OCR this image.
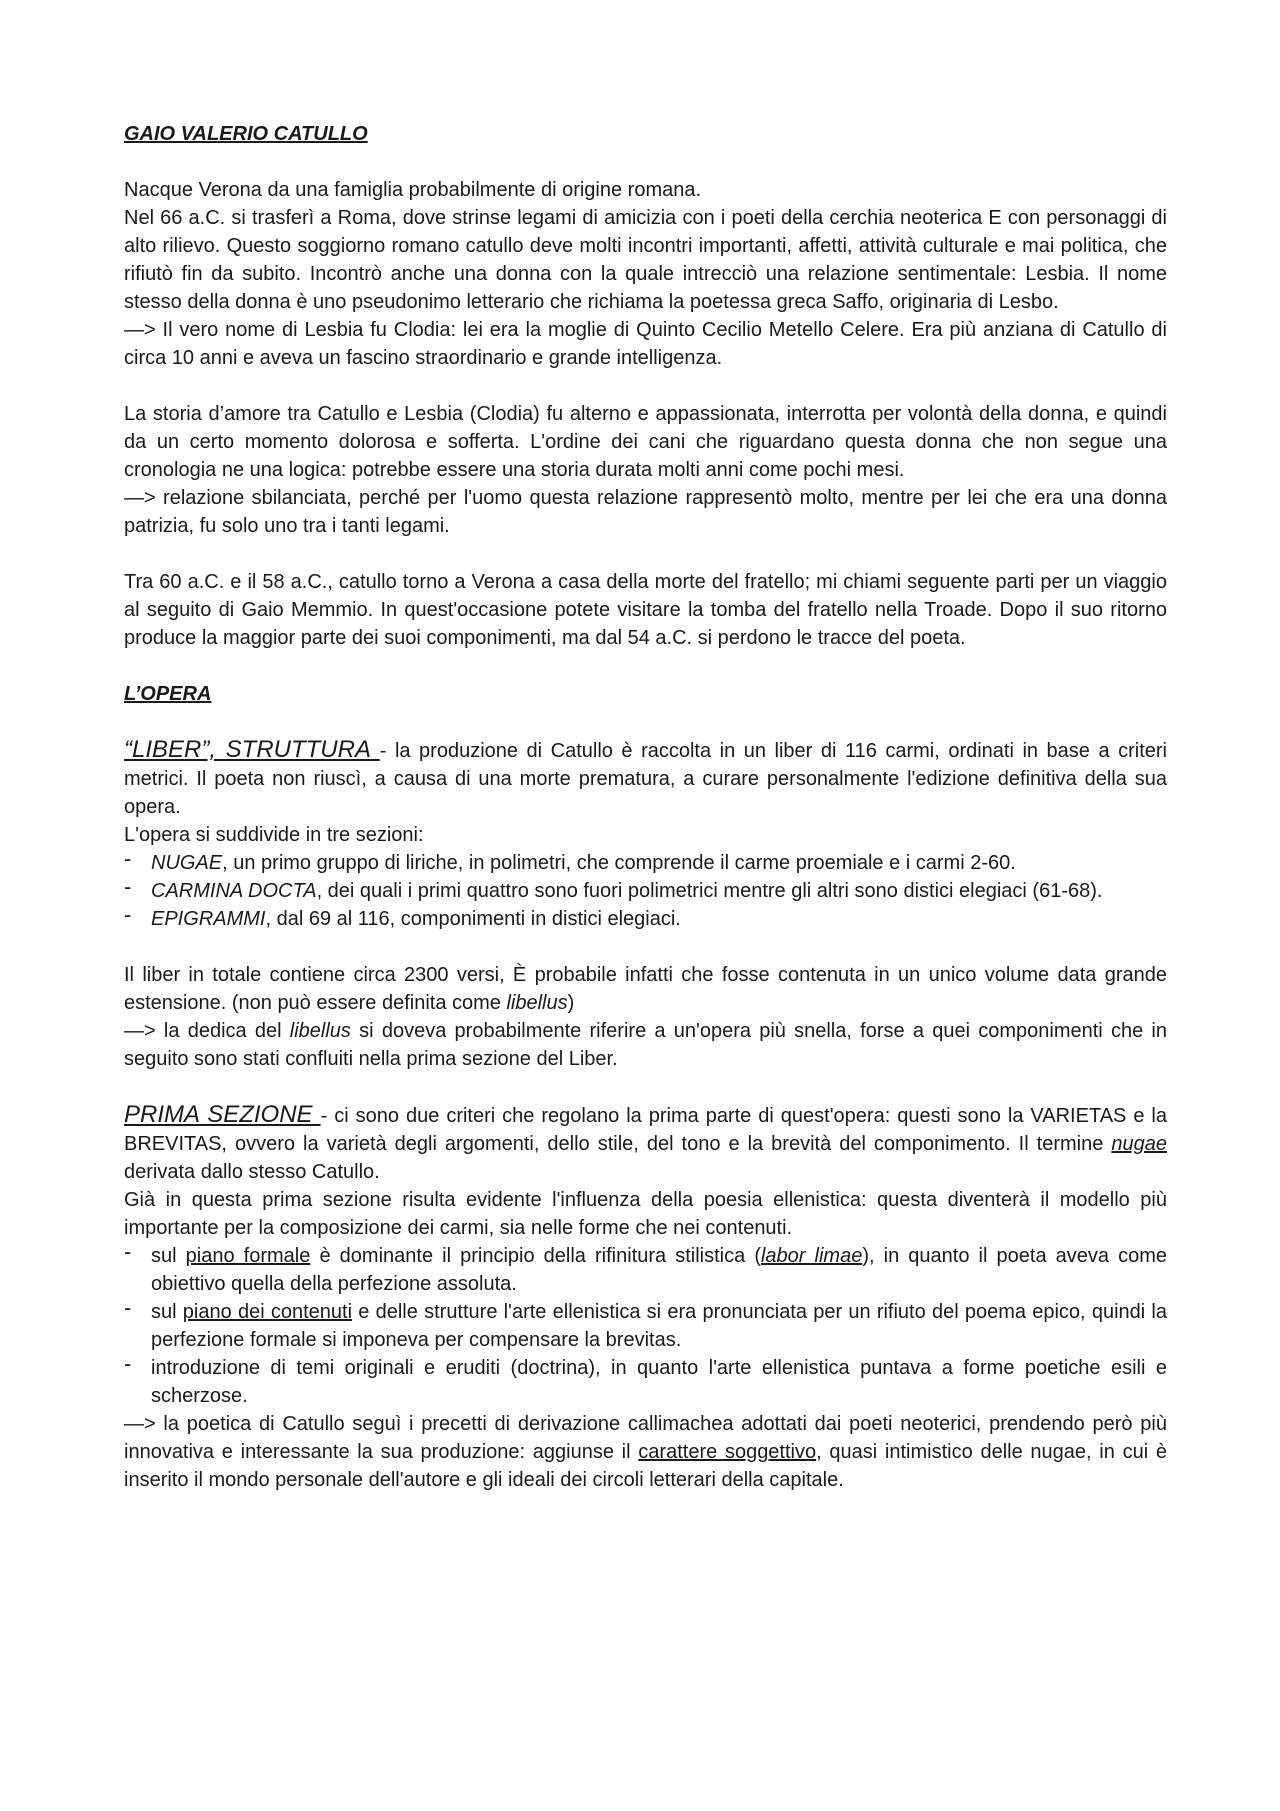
GAIO VALERIO CATULLO

Nacque Verona da una famiglia probabilmente di origine romana.

Nel 66 a.C. si trasferì a Roma, dove strinse legami di amicizia con i poeti della cerchia neoterica E con personaggi di alto rilievo. Questo soggiorno romano catullo deve molti incontri importanti, affetti, attività culturale e mai politica, che rifiutò fin da subito. Incontrò anche una donna con la quale intrecciò una relazione sentimentale: Lesbia. Il nome stesso della donna è uno pseudonimo letterario che richiama la poetessa greca Saffo, originaria di Lesbo.

—> Il vero nome di Lesbia fu Clodia: lei era la moglie di Quinto Cecilio Metello Celere. Era più anziana di Catullo di circa 10 anni e aveva un fascino straordinario e grande intelligenza.

La storia d’amore tra Catullo e Lesbia (Clodia) fu alterno e appassionata, interrotta per volontà della donna, e quindi da un certo momento dolorosa e sofferta. L'ordine dei cani che riguardano questa donna che non segue una cronologia ne una logica: potrebbe essere una storia durata molti anni come pochi mesi.

—> relazione sbilanciata, perché per l'uomo questa relazione rappresentò molto, mentre per lei che era una donna patrizia, fu solo uno tra i tanti legami.

Tra 60 a.C. e il 58 a.C., catullo torno a Verona a casa della morte del fratello; mi chiami seguente parti per un viaggio al seguito di Gaio Memmio. In quest'occasione potete visitare la tomba del fratello nella Troade. Dopo il suo ritorno produce la maggior parte dei suoi componimenti, ma dal 54 a.C. si perdono le tracce del poeta.

L’OPERA

“LIBER”, STRUTTURA - la produzione di Catullo è raccolta in un liber di 116 carmi, ordinati in base a criteri metrici. Il poeta non riuscì, a causa di una morte prematura, a curare personalmente l'edizione definitiva della sua opera.

L'opera si suddivide in tre sezioni:

- NUGAE, un primo gruppo di liriche, in polimetri, che comprende il carme proemiale e i carmi 2-60.
- CARMINA DOCTA, dei quali i primi quattro sono fuori polimetrici mentre gli altri sono distici elegiaci (61-68).
- EPIGRAMMI, dal 69 al 116, componimenti in distici elegiaci.

Il liber in totale contiene circa 2300 versi, È probabile infatti che fosse contenuta in un unico volume data grande estensione. (non può essere definita come libellus)

—> la dedica del libellus si doveva probabilmente riferire a un'opera più snella, forse a quei componimenti che in seguito sono stati confluiti nella prima sezione del Liber.

PRIMA SEZIONE - ci sono due criteri che regolano la prima parte di quest'opera: questi sono la VARIETAS e la BREVITAS, ovvero la varietà degli argomenti, dello stile, del tono e la brevità del componimento. Il termine nugae derivata dallo stesso Catullo.

Già in questa prima sezione risulta evidente l'influenza della poesia ellenistica: questa diventerà il modello più importante per la composizione dei carmi, sia nelle forme che nei contenuti.

- sul piano formale è dominante il principio della rifinitura stilistica (labor limae), in quanto il poeta aveva come obiettivo quella della perfezione assoluta.
- sul piano dei contenuti e delle strutture l'arte ellenistica si era pronunciata per un rifiuto del poema epico, quindi la perfezione formale si imponeva per compensare la brevitas.
- introduzione di temi originali e eruditi (doctrina), in quanto l'arte ellenistica puntava a forme poetiche esili e scherzose.

—> la poetica di Catullo seguì i precetti di derivazione callimachea adottati dai poeti neoterici, prendendo però più innovativa e interessante la sua produzione: aggiunse il carattere soggettivo, quasi intimistico delle nugae, in cui è inserito il mondo personale dell'autore e gli ideali dei circoli letterari della capitale.
